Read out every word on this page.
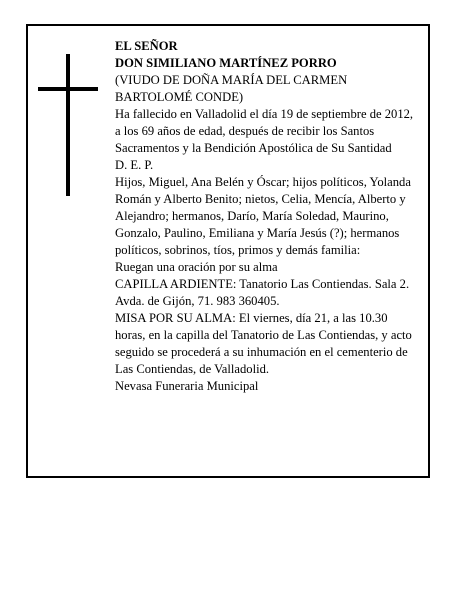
EL SEÑOR

DON SIMILIANO MARTÍNEZ PORRO

(VIUDO DE DOÑA MARÍA DEL CARMEN BARTOLOMÉ CONDE)

Ha fallecido en Valladolid el día 19 de septiembre de 2012, a los 69 años de edad, después de recibir los Santos Sacramentos y la Bendición Apostólica de Su Santidad

D. E. P.

Hijos, Miguel, Ana Belén y Óscar; hijos políticos, Yolanda Román y Alberto Benito; nietos, Celia, Mencía, Alberto y Alejandro; hermanos, Darío, María Soledad, Maurino, Gonzalo, Paulino, Emiliana y María Jesús (?); hermanos políticos, sobrinos, tíos, primos y demás familia:

Ruegan una oración por su alma

CAPILLA ARDIENTE: Tanatorio Las Contiendas. Sala 2. Avda. de Gijón, 71. 983 360405.

MISA POR SU ALMA: El viernes, día 21, a las 10.30 horas, en la capilla del Tanatorio de Las Contiendas, y acto seguido se procederá a su inhumación en el cementerio de Las Contiendas, de Valladolid.

Nevasa Funeraria Municipal
